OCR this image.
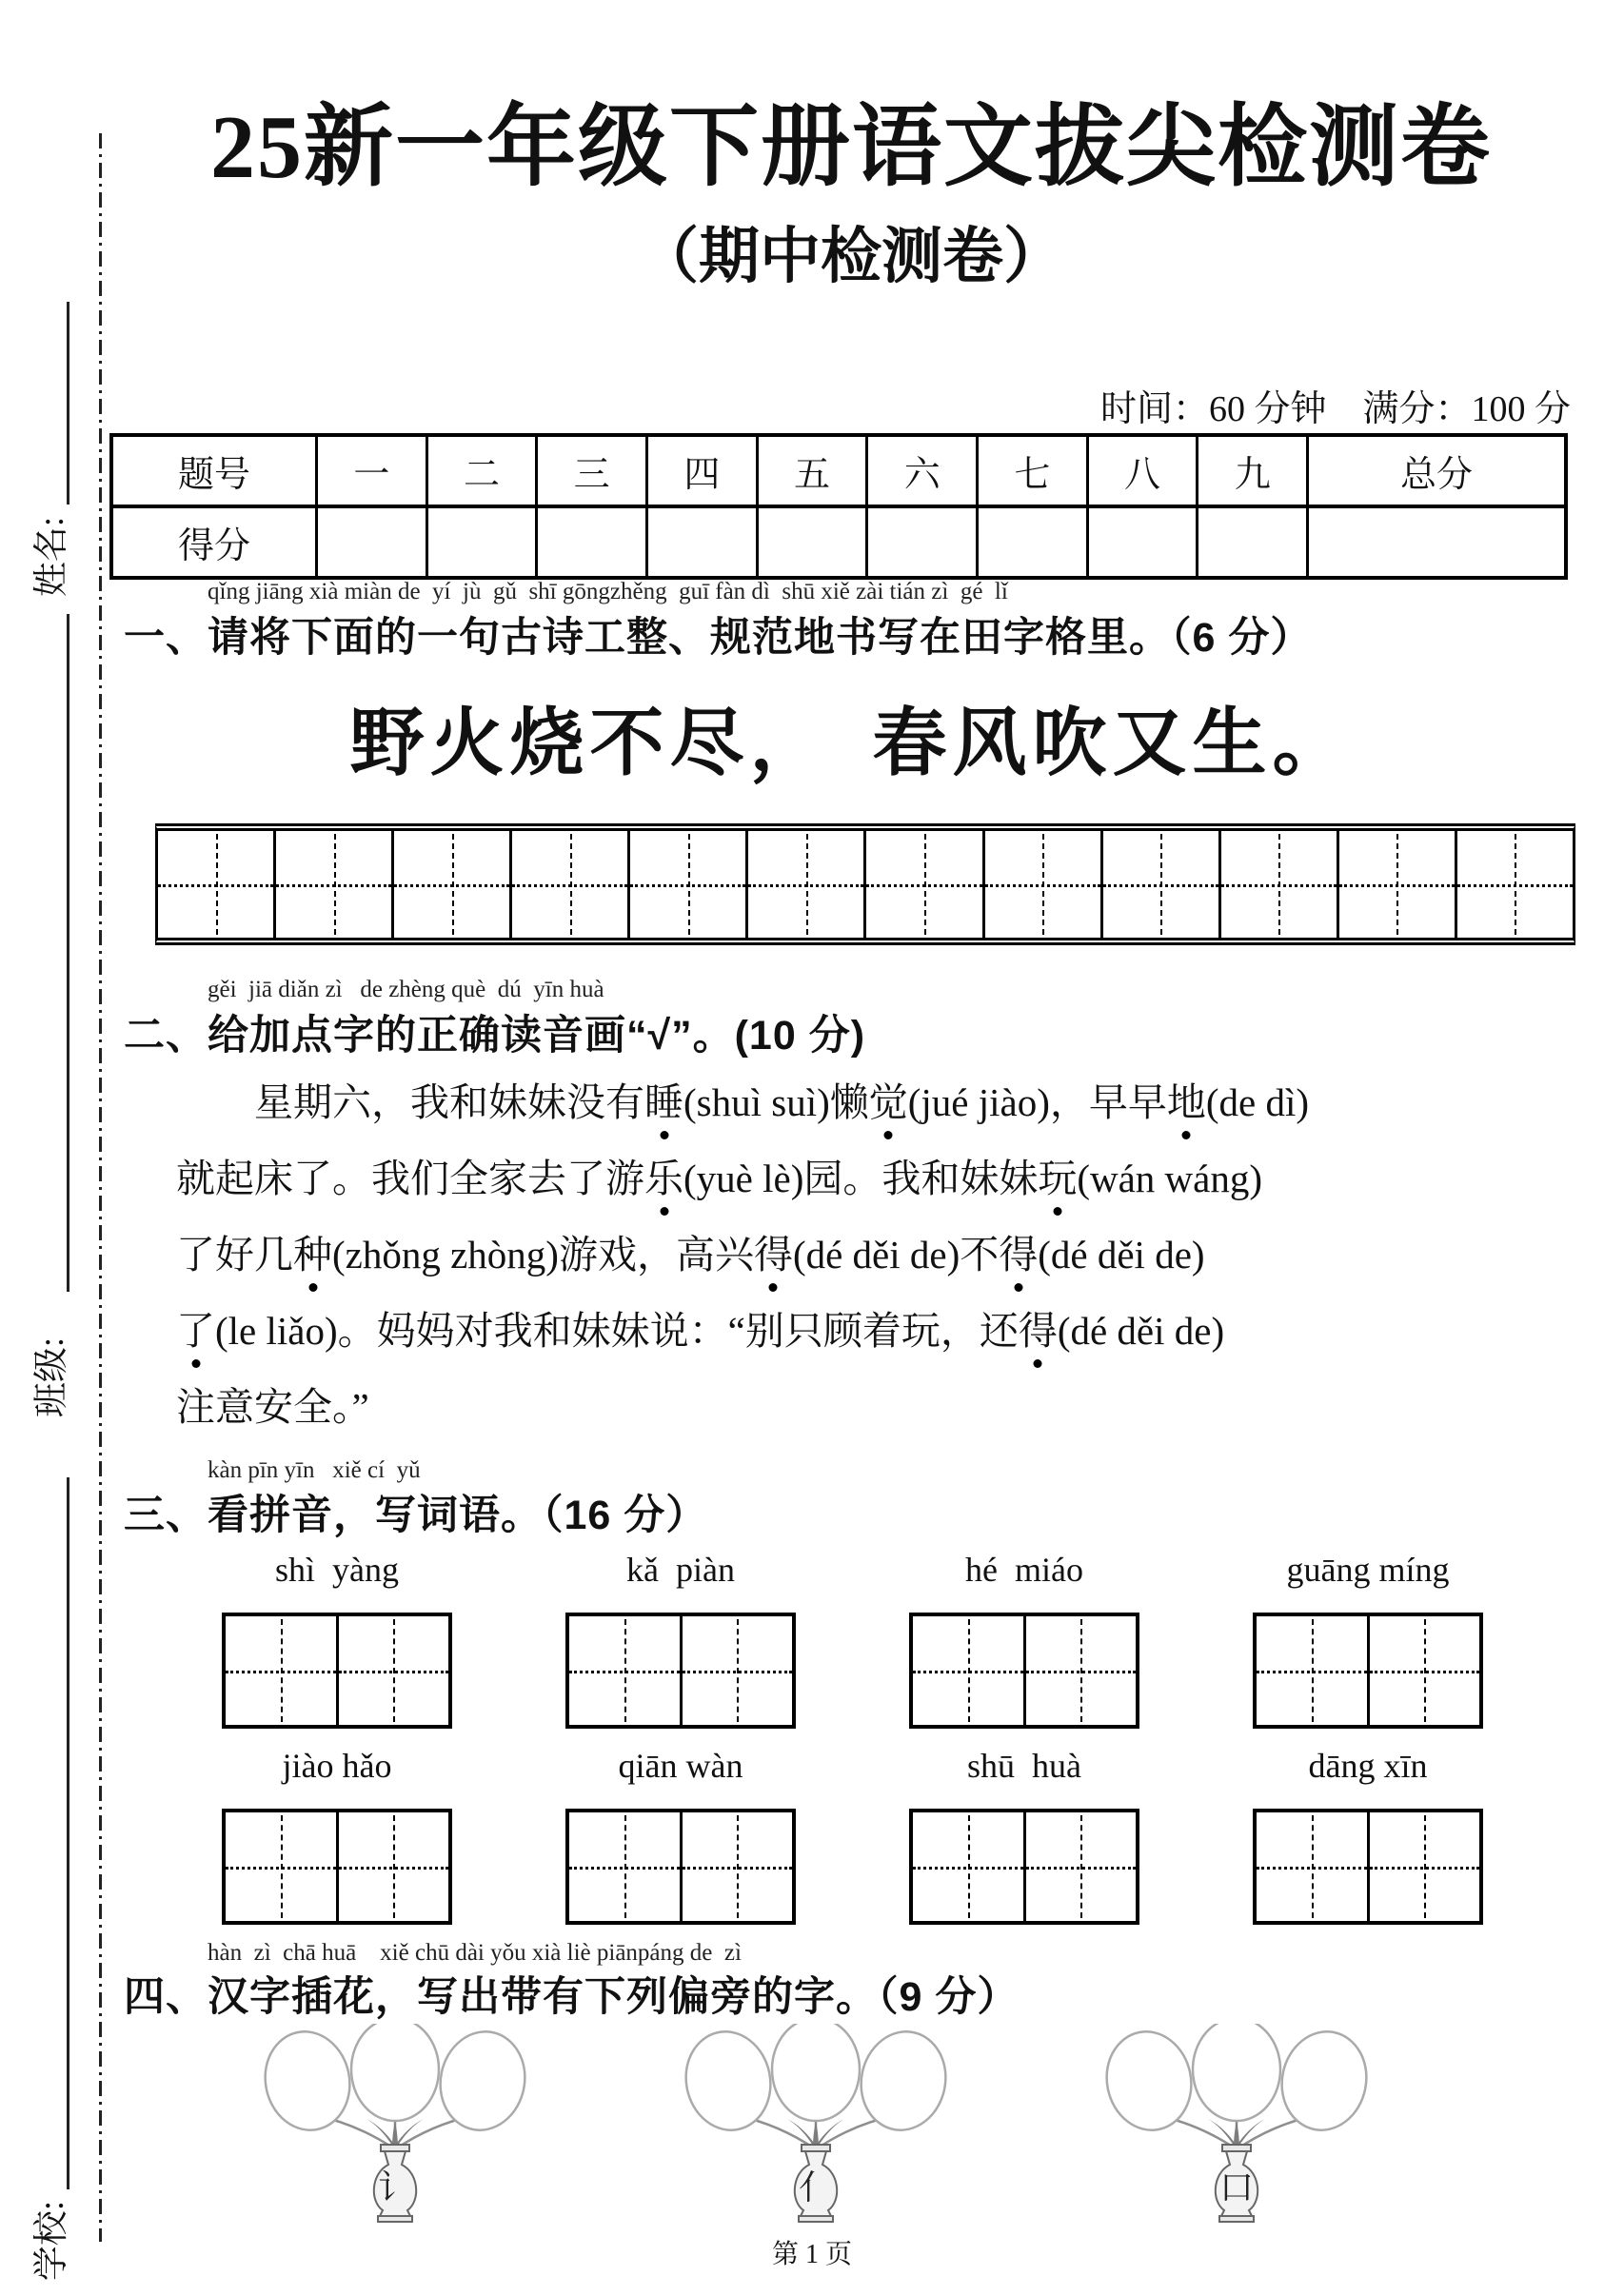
姓名:
班级:
学校:
25新一年级下册语文拔尖检测卷
（期中检测卷）
时间：60 分钟　满分：100 分
题号	一	二	三	四	五	六	七	八	九	总分
得分
qǐng jiāng xià miàn de  yí  jù  gǔ  shī gōngzhěng  guī fàn dì  shū xiě zài tián zì  gé  lǐ
一、请将下面的一句古诗工整、规范地书写在田字格里。（6 分）
野火烧不尽，　春风吹又生。
gěi  jiā diǎn zì   de zhèng què  dú  yīn huà
二、给加点字的正确读音画“√”。(10 分)
星期六，我和妹妹没有睡(shuì suì)懒觉(jué jiào)，早早地(de dì)
就起床了。我们全家去了游乐(yuè lè)园。我和妹妹玩(wán wáng)
了好几种(zhǒng zhòng)游戏，高兴得(dé děi de)不得(dé děi de)
了(le liǎo)。妈妈对我和妹妹说：“别只顾着玩，还得(dé děi de)
注意安全。”
kàn pīn yīn   xiě cí  yǔ
三、看拼音，写词语。（16 分）
shì  yàng	kǎ  piàn	hé  miáo	guāng míng
jiào hǎo	qiān wàn	shū  huà	dāng xīn
hàn  zì  chā huā    xiě chū dài yǒu xià liè piānpáng de  zì
四、汉字插花，写出带有下列偏旁的字。（9 分）
讠	亻	口
第 1 页
